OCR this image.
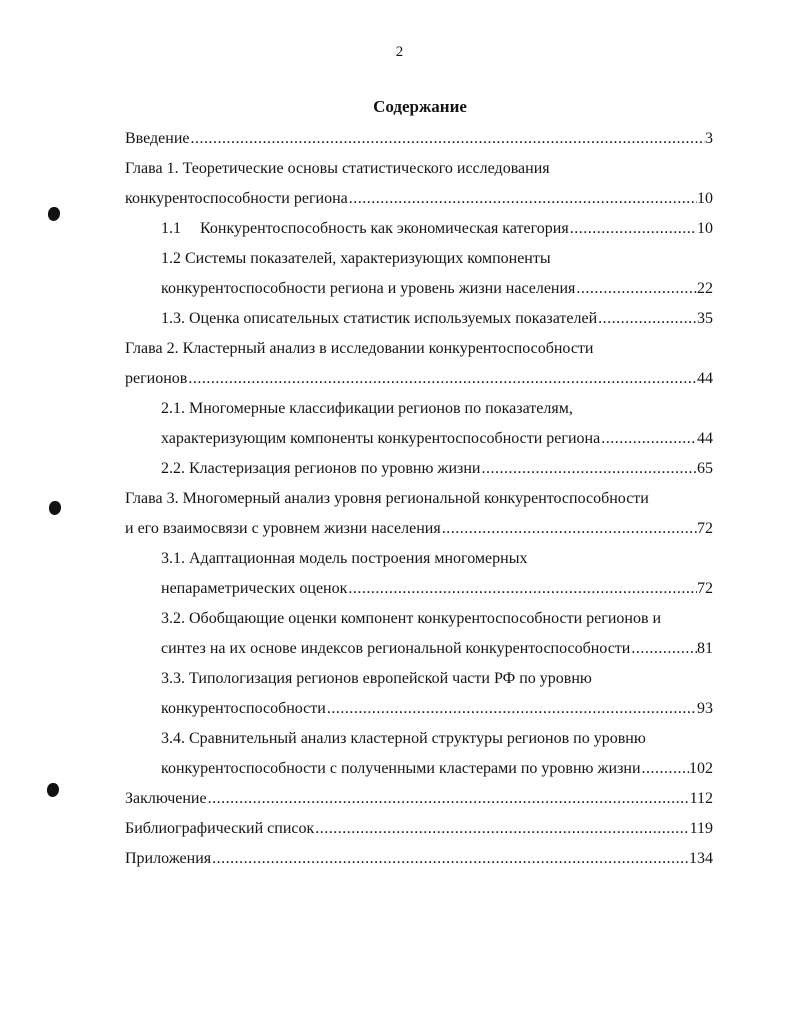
2
Содержание
Введение .....	3
Глава 1. Теоретические основы статистического исследования
конкурентоспособности региона .....	10
1.1 Конкурентоспособность как экономическая категория .....	10
1.2 Системы показателей, характеризующих компоненты
конкурентоспособности региона и уровень жизни населения .....	22
1.3. Оценка описательных статистик используемых показателей .....	35
Глава 2. Кластерный анализ в исследовании конкурентоспособности
регионов .....	44
2.1. Многомерные классификации регионов по показателям,
характеризующим компоненты конкурентоспособности региона .....	44
2.2. Кластеризация регионов по уровню жизни .....	65
Глава 3. Многомерный анализ уровня региональной конкурентоспособности
и его взаимосвязи с уровнем жизни населения .....	72
3.1. Адаптационная модель построения многомерных
непараметрических оценок .....	72
3.2. Обобщающие оценки компонент конкурентоспособности регионов и
синтез на их основе индексов региональной конкурентоспособности .....	81
3.3. Типологизация регионов европейской части РФ по уровню
конкурентоспособности .....	93
3.4. Сравнительный анализ кластерной структуры регионов по уровню
конкурентоспособности с полученными кластерами по уровню жизни .....	102
Заключение .....	112
Библиографический список .....	119
Приложения .....	134
